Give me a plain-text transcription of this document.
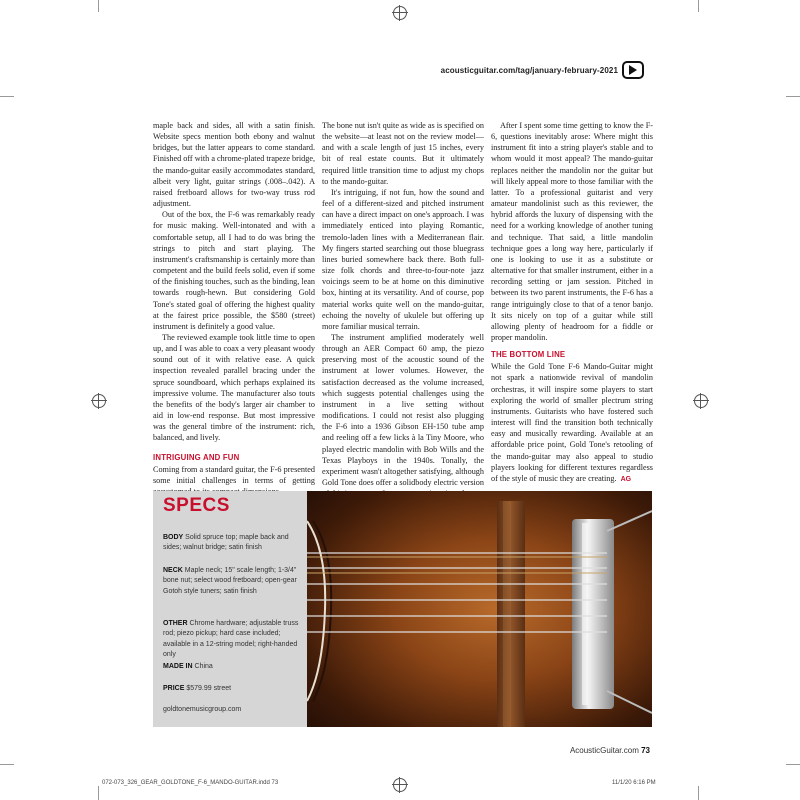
acousticguitar.com/tag/january-february-2021

maple back and sides, all with a satin finish. Website specs mention both ebony and walnut bridges, but the latter appears to come standard. Finished off with a chrome-plated trapeze bridge, the mando-guitar easily accommodates standard, albeit very light, guitar strings (.008–.042). A raised fretboard allows for two-way truss rod adjustment.

Out of the box, the F-6 was remarkably ready for music making. Well-intonated and with a comfortable setup, all I had to do was bring the strings to pitch and start playing. The instrument's craftsmanship is certainly more than competent and the build feels solid, even if some of the finishing touches, such as the binding, lean towards rough-hewn. But considering Gold Tone's stated goal of offering the highest quality at the fairest price possible, the $580 (street) instrument is definitely a good value.

The reviewed example took little time to open up, and I was able to coax a very pleasant woody sound out of it with relative ease. A quick inspection revealed parallel bracing under the spruce soundboard, which perhaps explained its impressive volume. The manufacturer also touts the benefits of the body's larger air chamber to aid in low-end response. But most impressive was the general timbre of the instrument: rich, balanced, and lively.

INTRIGUING AND FUN

Coming from a standard guitar, the F-6 presented some initial challenges in terms of getting

The bone nut isn't quite as wide as is specified on the website—at least not on the review model—and with a scale length of just 15 inches, every bit of real estate counts. But it ultimately required little transition time to adjust my chops to the mando-guitar.

It's intriguing, if not fun, how the sound and feel of a different-sized and pitched instrument can have a direct impact on one's approach. I was immediately enticed into playing Romantic, tremolo-laden lines with a Mediterranean flair. My fingers started searching out those bluegrass lines buried somewhere back there. Both full-size folk chords and three-to-four-note jazz voicings seem to be at home on this diminutive box, hinting at its versatility. And of course, pop material works quite well on the mando-guitar, echoing the novelty of ukulele but offering up more familiar musical terrain.

The instrument amplified moderately well through an AER Compact 60 amp, the piezo preserving most of the acoustic sound of the instrument at lower volumes. However, the satisfaction decreased as the volume increased, which suggests potential challenges using the instrument in a live setting without modifications. I could not resist also plugging the F-6 into a 1936 Gibson EH-150 tube amp and reeling off a few licks à la Tiny Moore, who played electric mandolin with Bob Wills and the Texas Playboys in the 1940s. Tonally, the experiment wasn't altogether satisfying, although Gold Tone does offer a solidbody electric version

After I spent some time getting to know the F-6, questions inevitably arose: Where might this instrument fit into a string player's stable and to whom would it most appeal? The mando-guitar replaces neither the mandolin nor the guitar but will likely appeal more to those familiar with the latter. To a professional guitarist and very amateur mandolinist such as this reviewer, the hybrid affords the luxury of dispensing with the need for a working knowledge of another tuning and technique. That said, a little mandolin technique goes a long way here, particularly if one is looking to use it as a substitute or alternative for that smaller instrument, either in a recording setting or jam session. Pitched in between its two parent instruments, the F-6 has a range intriguingly close to that of a tenor banjo. It sits nicely on top of a guitar while still allowing plenty of headroom for a fiddle or proper mandolin.

THE BOTTOM LINE

While the Gold Tone F-6 Mando-Guitar might not spark a nationwide revival of mandolin orchestras, it will inspire some players to start exploring the world of smaller plectrum string instruments. Guitarists who have fostered such interest will find the transition both technically easy and musically rewarding. Available at an affordable price point, Gold Tone's retooling of the mando-guitar may also appeal to studio players looking for different textures regardless of the style of music they are creating. AG

SPECS
BODY Solid spruce top; maple back and sides; walnut bridge; satin finish
NECK Maple neck; 15" scale length; 1-3/4" bone nut; select wood fretboard; open-gear Gotoh style tuners; satin finish
OTHER Chrome hardware; adjustable truss rod; piezo pickup; hard case included; available in a 12-string model; right-handed only
MADE IN China
PRICE $579.99 street
goldtonemusicgroup.com
AcousticGuitar.com 73
072-073_326_GEAR_GOLDTONE_F-6_MANDO-GUITAR.indd 73	11/1/20 6:16 PM
